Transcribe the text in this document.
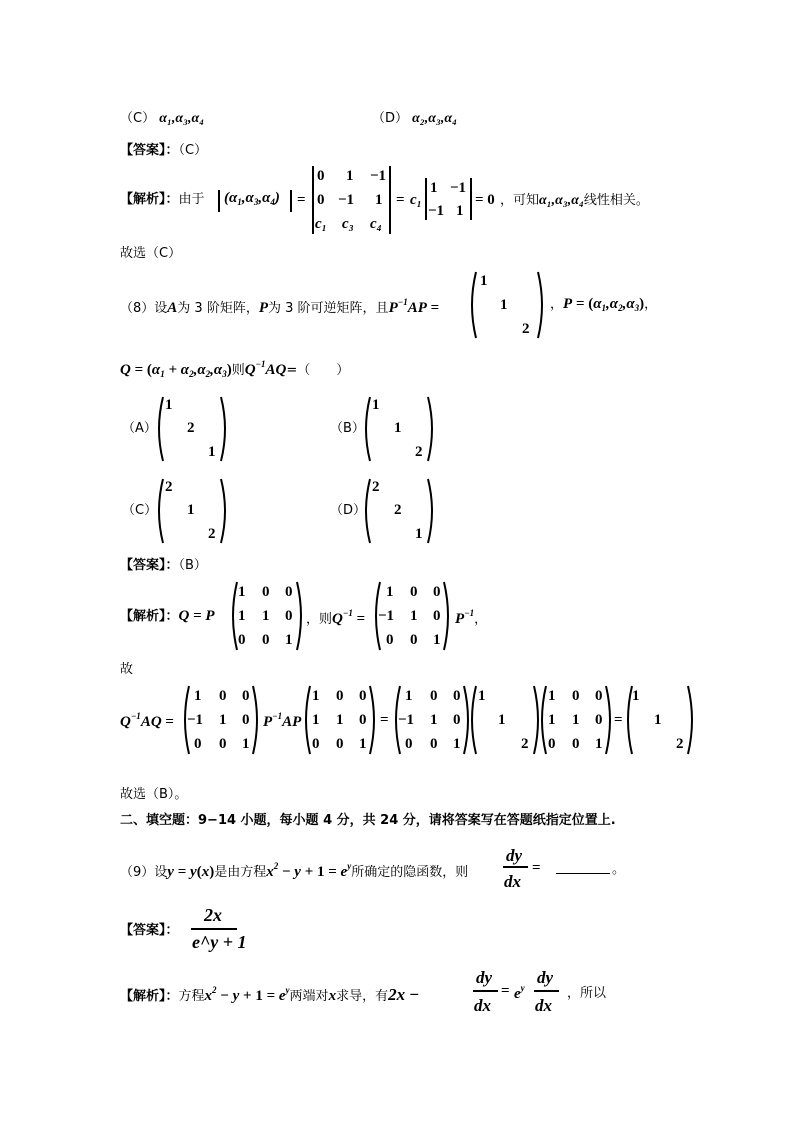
（C） α₁,α₃,α₄	（D） α₂,α₃,α₄
【答案】：（C）
【解析】：由于 $(\alpha_1,\alpha_3,\alpha_4)$ =
0 1 −1
0 −1 1
c₁ c₃ c₄
= c₁
1 −1
−1 1
= 0 ，可知α₁,α₃,α₄线性相关。
故选（C）
（8）设A为 3 阶矩阵，P为 3 阶可逆矩阵，且$P^{-1}AP$ =
1
1
2
，$P = (\alpha_1,\alpha_2,\alpha_3)$，
$Q = (\alpha_1 + \alpha_2,\alpha_2,\alpha_3)$则$Q^{-1}AQ=$（　　）
（A）
1
2
1
（B）
1
1
2
（C）
2
1
2
（D）
2
2
1
【答案】：（B）
【解析】：Q = P
1 0 0
1 1 0
0 0 1
，则$Q^{-1}$ =
1 0 0
−1 1 0
0 0 1
$P^{-1}$，
故
$Q^{-1}AQ$ =
1 0 0
−1 1 0
0 0 1
$P^{-1}AP$
1 0 0
1 1 0
0 0 1
=
1 0 0
−1 1 0
0 0 1
1
1
2
1 0 0
1 1 0
0 0 1
=
1
1
2
故选（B）。
二、填空题：9−14 小题，每小题 4 分，共 24 分，请将答案写在答题纸指定位置上.
（9）设y = y(x)是由方程$x^2 - y + 1 = e^y$所确定的隐函数，则
dy
dx
=	。
【答案】：
2x
e^y + 1
【解析】：方程$x^2 - y + 1 = e^y$两端对x求导，有2x −
dy
dx
= $e^y$
dy
dx
，所以
